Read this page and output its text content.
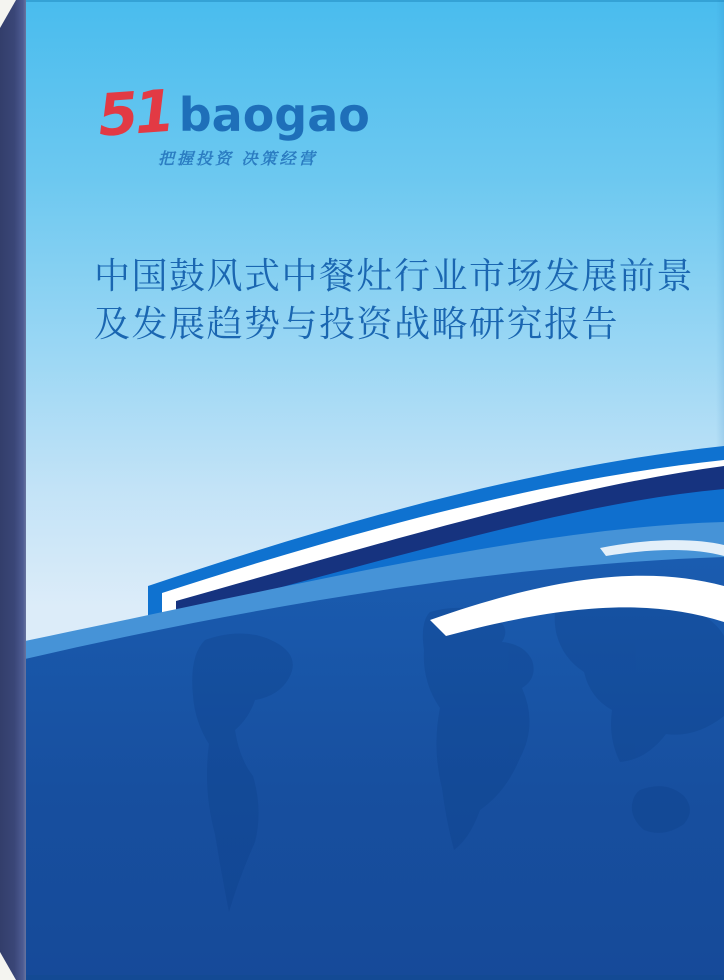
51 baogao
把握投资 决策经营
中国鼓风式中餐灶行业市场发展前景
及发展趋势与投资战略研究报告
